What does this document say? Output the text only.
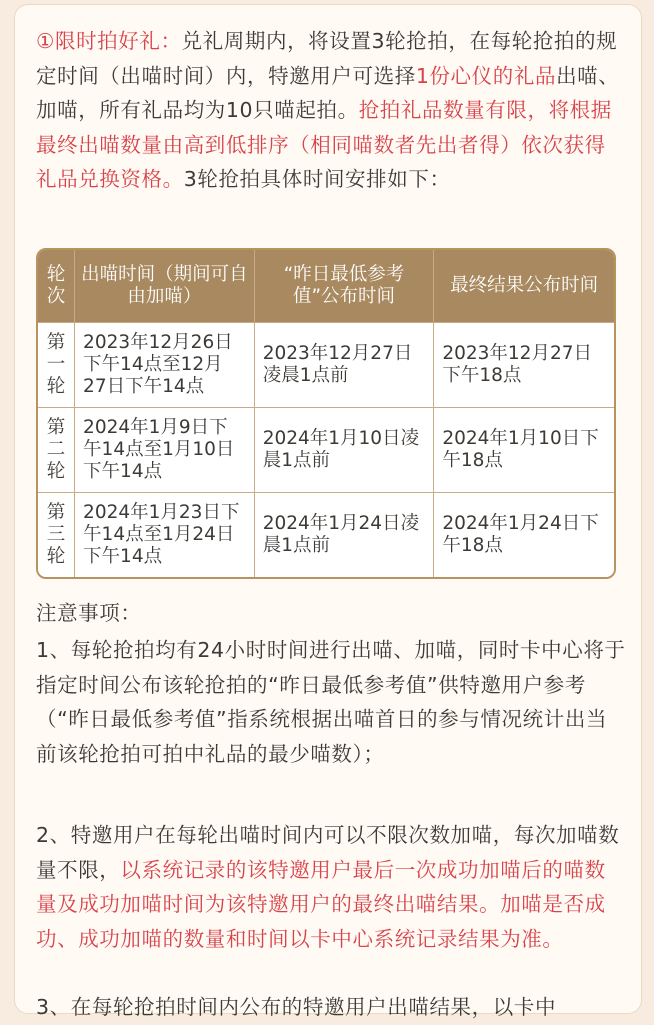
①限时拍好礼：兑礼周期内，将设置3轮抢拍，在每轮抢拍的规定时间（出喵时间）内，特邀用户可选择1份心仪的礼品出喵、加喵，所有礼品均为10只喵起拍。抢拍礼品数量有限，将根据最终出喵数量由高到低排序（相同喵数者先出者得）依次获得礼品兑换资格。3轮抢拍具体时间安排如下：

轮次	出喵时间（期间可自由加喵）	“昨日最低参考值”公布时间	最终结果公布时间
第一轮	2023年12月26日下午14点至12月27日下午14点	2023年12月27日凌晨1点前	2023年12月27日下午18点
第二轮	2024年1月9日下午14点至1月10日下午14点	2024年1月10日凌晨1点前	2024年1月10日下午18点
第三轮	2024年1月23日下午14点至1月24日下午14点	2024年1月24日凌晨1点前	2024年1月24日下午18点

注意事项：

1、每轮抢拍均有24小时时间进行出喵、加喵，同时卡中心将于指定时间公布该轮抢拍的“昨日最低参考值”供特邀用户参考（“昨日最低参考值”指系统根据出喵首日的参与情况统计出当前该轮抢拍可拍中礼品的最少喵数）；

2、特邀用户在每轮出喵时间内可以不限次数加喵，每次加喵数量不限，以系统记录的该特邀用户最后一次成功加喵后的喵数量及成功加喵时间为该特邀用户的最终出喵结果。加喵是否成功、成功加喵的数量和时间以卡中心系统记录结果为准。

3、在每轮抢拍时间内公布的特邀用户出喵结果，以卡中
